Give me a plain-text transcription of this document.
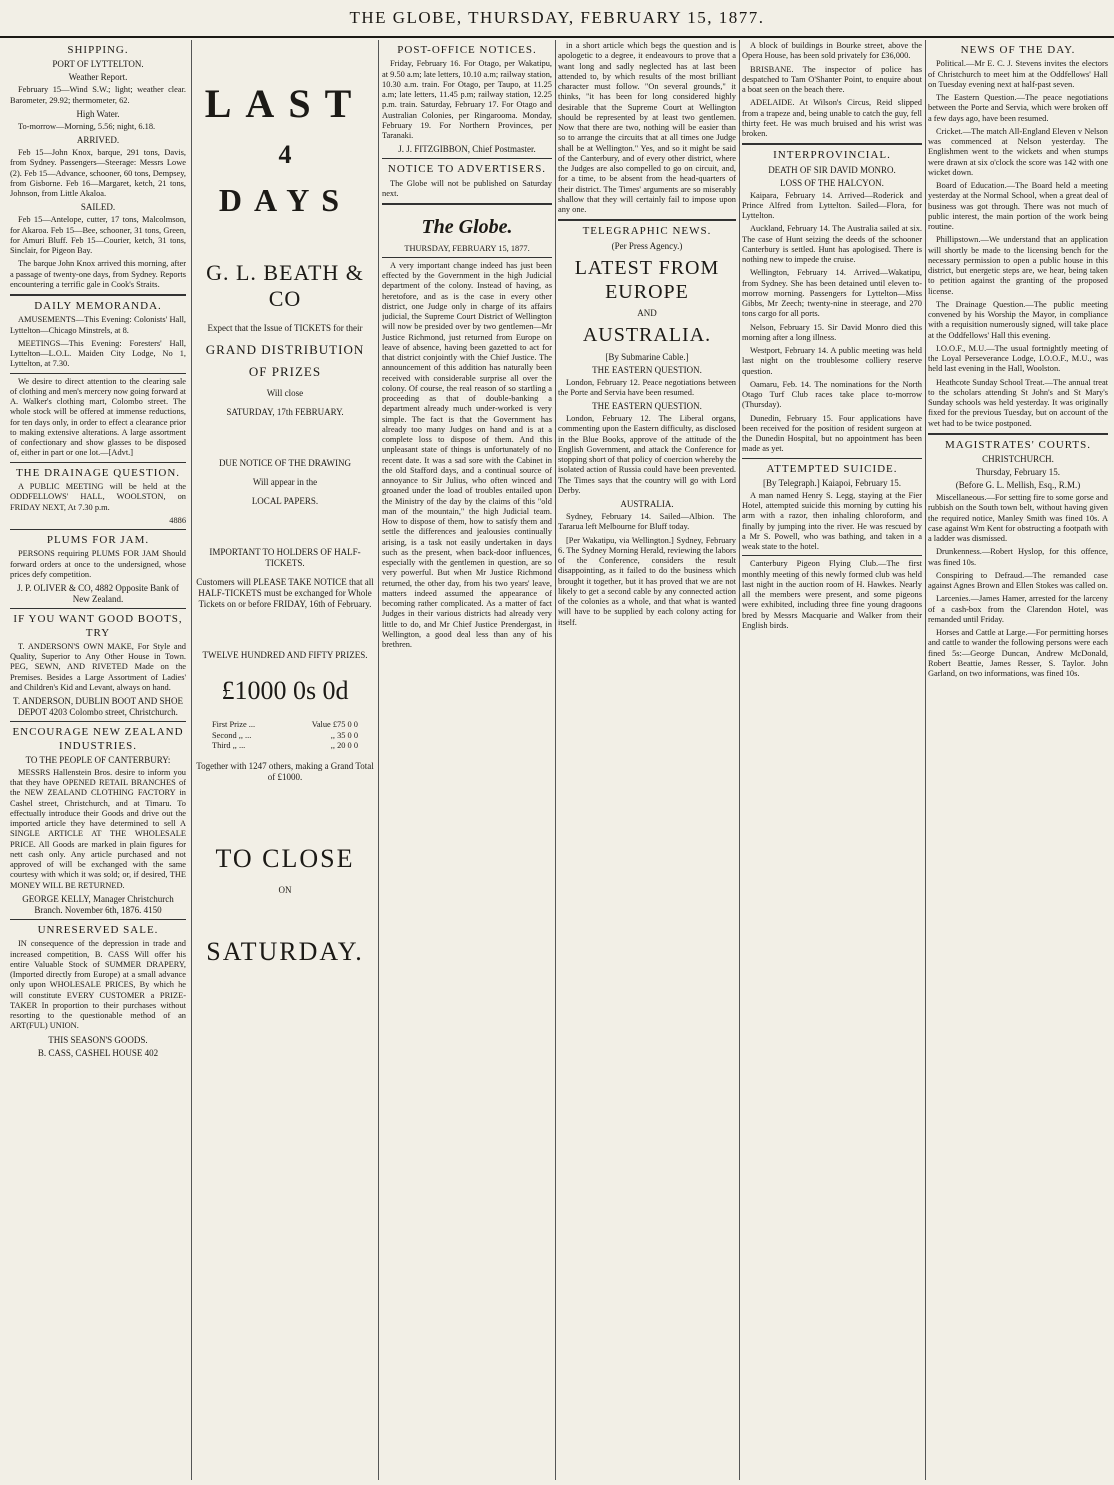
THE GLOBE, THURSDAY, FEBRUARY 15, 1877.
SHIPPING.
PORT OF LYTTELTON.
Weather Report.

February 15—Wind S.W.; light; weather clear. Barometer, 29.92; thermometer, 62.

High Water.

To-morrow—Morning, 5.56; night, 6.18.

ARRIVED.

Feb 15—John Knox, barque, 291 tons, Davis, from Sydney. Passengers—Steerage: Messrs Lowe (2). Feb 15—Advance, schooner, 60 tons, Dempsey, from Gisborne. Feb 16—Margaret, ketch, 21 tons, Johnson, from Little Akaloa.

SAILED.

Feb 15—Antelope, cutter, 17 tons, Malcolmson, for Akaroa. Feb 15—Bee, schooner, 31 tons, Green, for Amuri Bluff. Feb 15—Courier, ketch, 31 tons, Sinclair, for Pigeon Bay.

The barque John Knox arrived this morning, after a passage of twenty-one days, from Sydney. Reports encountering a terrific gale in Cook's Straits.

DAILY MEMORANDA.

AMUSEMENTS—This Evening: Colonists' Hall, Lyttelton—Chicago Minstrels, at 8.

MEETINGS—This Evening: Foresters' Hall, Lyttelton—L.O.L. Maiden City Lodge, No 1, Lyttelton, at 7.30.

We desire to direct attention to the clearing sale of clothing and men's mercery now going forward at A. Walker's clothing mart, Colombo street. The whole stock will be offered at immense reductions, for ten days only, in order to effect a clearance prior to making extensive alterations. A large assortment of confectionary and show glasses to be disposed of, either in part or one lot.—[Advt.]

THE DRAINAGE QUESTION.

A PUBLIC MEETING will be held at the ODDFELLOWS' HALL, WOOLSTON, on FRIDAY NEXT, At 7.30 p.m.

4886
PLUMS FOR JAM.

PERSONS requiring PLUMS FOR JAM Should forward orders at once to the undersigned, whose prices defy competition.

J. P. OLIVER & CO, 4882 Opposite Bank of New Zealand.
IF YOU WANT GOOD BOOTS, TRY

T. ANDERSON'S OWN MAKE, For Style and Quality, Superior to Any Other House in Town. PEG, SEWN, AND RIVETED Made on the Premises. Besides a Large Assortment of Ladies' and Children's Kid and Levant, always on hand.

T. ANDERSON, DUBLIN BOOT AND SHOE DEPOT 4203 Colombo street, Christchurch.
ENCOURAGE NEW ZEALAND INDUSTRIES.
TO THE PEOPLE OF CANTERBURY:

MESSRS Hallenstein Bros. desire to inform you that they have OPENED RETAIL BRANCHES of the NEW ZEALAND CLOTHING FACTORY in Cashel street, Christchurch, and at Timaru. To effectually introduce their Goods and drive out the imported article they have determined to sell A SINGLE ARTICLE AT THE WHOLESALE PRICE. All Goods are marked in plain figures for nett cash only. Any article purchased and not approved of will be exchanged with the same courtesy with which it was sold; or, if desired, THE MONEY WILL BE RETURNED.

GEORGE KELLY, Manager Christchurch Branch. November 6th, 1876. 4150
UNRESERVED SALE.

IN consequence of the depression in trade and increased competition, B. CASS Will offer his entire Valuable Stock of SUMMER DRAPERY, (Imported directly from Europe) at a small advance only upon WHOLESALE PRICES, By which he will constitute EVERY CUSTOMER a PRIZE-TAKER In proportion to their purchases without resorting to the questionable method of an ART(FUL) UNION.

THIS SEASON'S GOODS.
B. CASS, CASHEL HOUSE 402
LAST
4
DAYS
G. L. BEATH & CO
Expect that the Issue of TICKETS for their
GRAND DISTRIBUTION
OF PRIZES
Will close
SATURDAY, 17th FEBRUARY.
DUE NOTICE OF THE DRAWING
Will appear in the
LOCAL PAPERS.
IMPORTANT TO HOLDERS OF HALF-TICKETS.
Customers will PLEASE TAKE NOTICE that all HALF-TICKETS must be exchanged for Whole Tickets on or before FRIDAY, 16th of February.
TWELVE HUNDRED AND FIFTY PRIZES.
£1000 0s 0d
First Prize ...	Value £75 0 0
Second ,, ...	,, 35 0 0
Third ,, ...	,, 20 0 0
Together with 1247 others, making a Grand Total of £1000.
TO CLOSE
ON
SATURDAY.
POST-OFFICE NOTICES.

Friday, February 16. For Otago, per Wakatipu, at 9.50 a.m; late letters, 10.10 a.m; railway station, 10.30 a.m. train. For Otago, per Taupo, at 11.25 a.m; late letters, 11.45 p.m; railway station, 12.25 p.m. train. Saturday, February 17. For Otago and Australian Colonies, per Ringarooma. Monday, February 19. For Northern Provinces, per Taranaki.

J. J. FITZGIBBON, Chief Postmaster.
NOTICE TO ADVERTISERS.

The Globe will not be published on Saturday next.

The Globe.
THURSDAY, FEBRUARY 15, 1877.

A very important change indeed has just been effected by the Government in the high Judicial department of the colony. Instead of having, as heretofore, and as is the case in every other district, one Judge only in charge of its affairs judicial, the Supreme Court District of Wellington will now be presided over by two gentlemen—Mr Justice Richmond, just returned from Europe on leave of absence, having been gazetted to act for that district conjointly with the Chief Justice. The announcement of this addition has naturally been received with considerable surprise all over the colony. Of course, the real reason of so startling a proceeding as that of double-banking a department already much under-worked is very simple. The fact is that the Government has already too many Judges on hand and is at a complete loss to dispose of them. And this unpleasant state of things is unfortunately of no recent date. It was a sad sore with the Cabinet in the old Stafford days, and a continual source of annoyance to Sir Julius, who often winced and groaned under the load of troubles entailed upon the Ministry of the day by the claims of this "old man of the mountain," the high Judicial team. How to dispose of them, how to satisfy them and settle the differences and jealousies continually arising, is a task not easily undertaken in days such as the present, when back-door influences, especially with the gentlemen in question, are so very powerful. But when Mr Justice Richmond returned, the other day, from his two years' leave, matters indeed assumed the appearance of becoming rather complicated. As a matter of fact Judges in their various districts had already very little to do, and Mr Chief Justice Prendergast, in Wellington, a good deal less than any of his brethren.

in a short article which begs the question and is apologetic to a degree, it endeavours to prove that a want long and sadly neglected has at last been attended to, by which results of the most brilliant character must follow. "On several grounds," it thinks, "it has been for long considered highly desirable that the Supreme Court at Wellington should be represented by at least two gentlemen. Now that there are two, nothing will be easier than so to arrange the circuits that at all times one Judge shall be at Wellington." Yes, and so it might be said of the Canterbury, and of every other district, where the Judges are also compelled to go on circuit, and, for a time, to be absent from the head-quarters of their district. The Times' arguments are so miserably shallow that they will certainly fail to impose upon any one.

TELEGRAPHIC NEWS.
(Per Press Agency.)
LATEST FROM EUROPE
AND
AUSTRALIA.
[By Submarine Cable.]
THE EASTERN QUESTION.

London, February 12. Peace negotiations between the Porte and Servia have been resumed.

THE EASTERN QUESTION.

London, February 12. The Liberal organs, commenting upon the Eastern difficulty, as disclosed in the Blue Books, approve of the attitude of the English Government, and attack the Conference for stopping short of that policy of coercion whereby the isolated action of Russia could have been prevented. The Times says that the country will go with Lord Derby.

AUSTRALIA.

Sydney, February 14. Sailed—Albion. The Tararua left Melbourne for Bluff today.

[Per Wakatipu, via Wellington.] Sydney, February 6. The Sydney Morning Herald, reviewing the labors of the Conference, considers the result disappointing, as it failed to do the business which brought it together, but it has proved that we are not likely to get a second cable by any connected action of the colonies as a whole, and that what is wanted will have to be supplied by each colony acting for itself.

A block of buildings in Bourke street, above the Opera House, has been sold privately for £36,000.

BRISBANE. The inspector of police has despatched to Tam O'Shanter Point, to enquire about a boat seen on the beach there.

ADELAIDE. At Wilson's Circus, Reid slipped from a trapeze and, being unable to catch the guy, fell thirty feet. He was much bruised and his wrist was broken.

INTERPROVINCIAL.
DEATH OF SIR DAVID MONRO.
LOSS OF THE HALCYON.

Kaipara, February 14. Arrived—Roderick and Prince Alfred from Lyttelton. Sailed—Flora, for Lyttelton.

Auckland, February 14. The Australia sailed at six. The case of Hunt seizing the deeds of the schooner Canterbury is settled. Hunt has apologised. There is nothing new to impede the cruise.

Wellington, February 14. Arrived—Wakatipu, from Sydney. She has been detained until eleven to-morrow morning. Passengers for Lyttelton—Miss Gibbs, Mr Zeech; twenty-nine in steerage, and 270 tons cargo for all ports.

Nelson, February 15. Sir David Monro died this morning after a long illness.

Westport, February 14. A public meeting was held last night on the troublesome colliery reserve question.

Oamaru, Feb. 14. The nominations for the North Otago Turf Club races take place to-morrow (Thursday).

Dunedin, February 15. Four applications have been received for the position of resident surgeon at the Dunedin Hospital, but no appointment has been made as yet.

ATTEMPTED SUICIDE.
[By Telegraph.] Kaiapoi, February 15.

A man named Henry S. Legg, staying at the Fier Hotel, attempted suicide this morning by cutting his arm with a razor, then inhaling chloroform, and finally by jumping into the river. He was rescued by a Mr S. Powell, who was bathing, and taken in a weak state to the hotel.

Canterbury Pigeon Flying Club.—The first monthly meeting of this newly formed club was held last night in the auction room of H. Hawkes. Nearly all the members were present, and some pigeons were exhibited, including three fine young dragoons bred by Messrs Macquarie and Walker from their English birds.

NEWS OF THE DAY.

Political.—Mr E. C. J. Stevens invites the electors of Christchurch to meet him at the Oddfellows' Hall on Tuesday evening next at half-past seven.

The Eastern Question.—The peace negotiations between the Porte and Servia, which were broken off a few days ago, have been resumed.

Cricket.—The match All-England Eleven v Nelson was commenced at Nelson yesterday. The Englishmen went to the wickets and when stumps were drawn at six o'clock the score was 142 with one wicket down.

Board of Education.—The Board held a meeting yesterday at the Normal School, when a great deal of business was got through. There was not much of public interest, the main portion of the work being routine.

Phillipstown.—We understand that an application will shortly be made to the licensing bench for the necessary permission to open a public house in this district, but energetic steps are, we hear, being taken to petition against the granting of the proposed license.

The Drainage Question.—The public meeting convened by his Worship the Mayor, in compliance with a requisition numerously signed, will take place at the Oddfellows' Hall this evening.

I.O.O.F., M.U.—The usual fortnightly meeting of the Loyal Perseverance Lodge, I.O.O.F., M.U., was held last evening in the Hall, Woolston.

Heathcote Sunday School Treat.—The annual treat to the scholars attending St John's and St Mary's Sunday schools was held yesterday. It was originally fixed for the previous Tuesday, but on account of the wet had to be twice postponed.

MAGISTRATES' COURTS.
CHRISTCHURCH.
Thursday, February 15.
(Before G. L. Mellish, Esq., R.M.)

Miscellaneous.—For setting fire to some gorse and rubbish on the South town belt, without having given the required notice, Manley Smith was fined 10s. A case against Wm Kent for obstructing a footpath with a ladder was dismissed.

Drunkenness.—Robert Hyslop, for this offence, was fined 10s.

Conspiring to Defraud.—The remanded case against Agnes Brown and Ellen Stokes was called on.

Larcenies.—James Hamer, arrested for the larceny of a cash-box from the Clarendon Hotel, was remanded until Friday.

Horses and Cattle at Large.—For permitting horses and cattle to wander the following persons were each fined 5s:—George Duncan, Andrew McDonald, Robert Beattie, James Resser, S. Taylor. John Garland, on two informations, was fined 10s.
